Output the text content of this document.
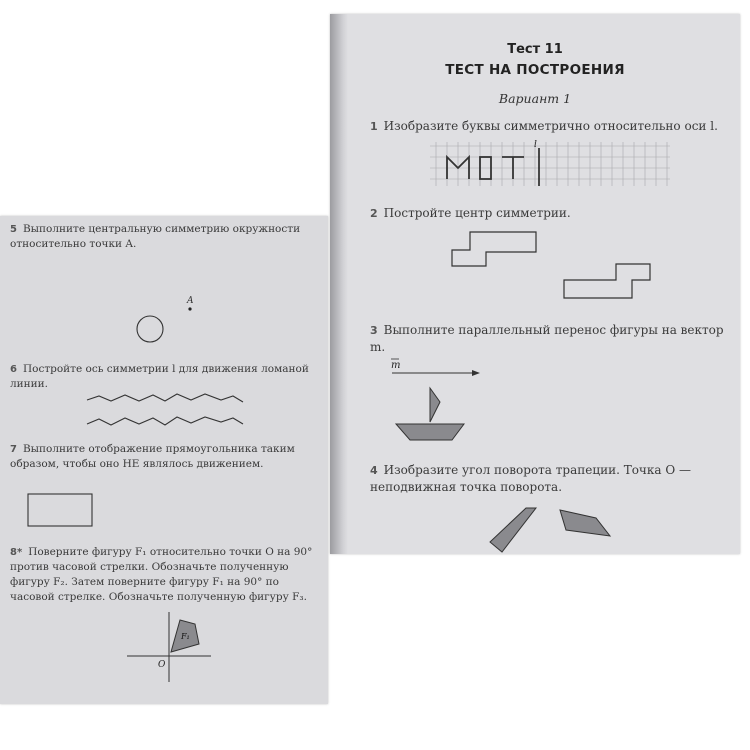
5 Выполните центральную симметрию окружности относительно точки A.
A
6 Постройте ось симметрии l для движения ломаной линии.
7 Выполните отображение прямоугольника таким образом, чтобы оно НЕ являлось движением.
8* Поверните фигуру F₁ относительно точки O на 90° против часовой стрелки. Обозначьте полученную фигуру F₂. Затем поверните фигуру F₁ на 90° по часовой стрелке. Обозначьте полученную фигуру F₃.
F₁
O
Тест 11
ТЕСТ НА ПОСТРОЕНИЯ
Вариант 1
1 Изобразите буквы симметрично относительно оси l.
l
2 Постройте центр симметрии.
3 Выполните параллельный перенос фигуры на вектор m.
m
4 Изобразите угол поворота трапеции. Точка O — неподвижная точка поворота.
